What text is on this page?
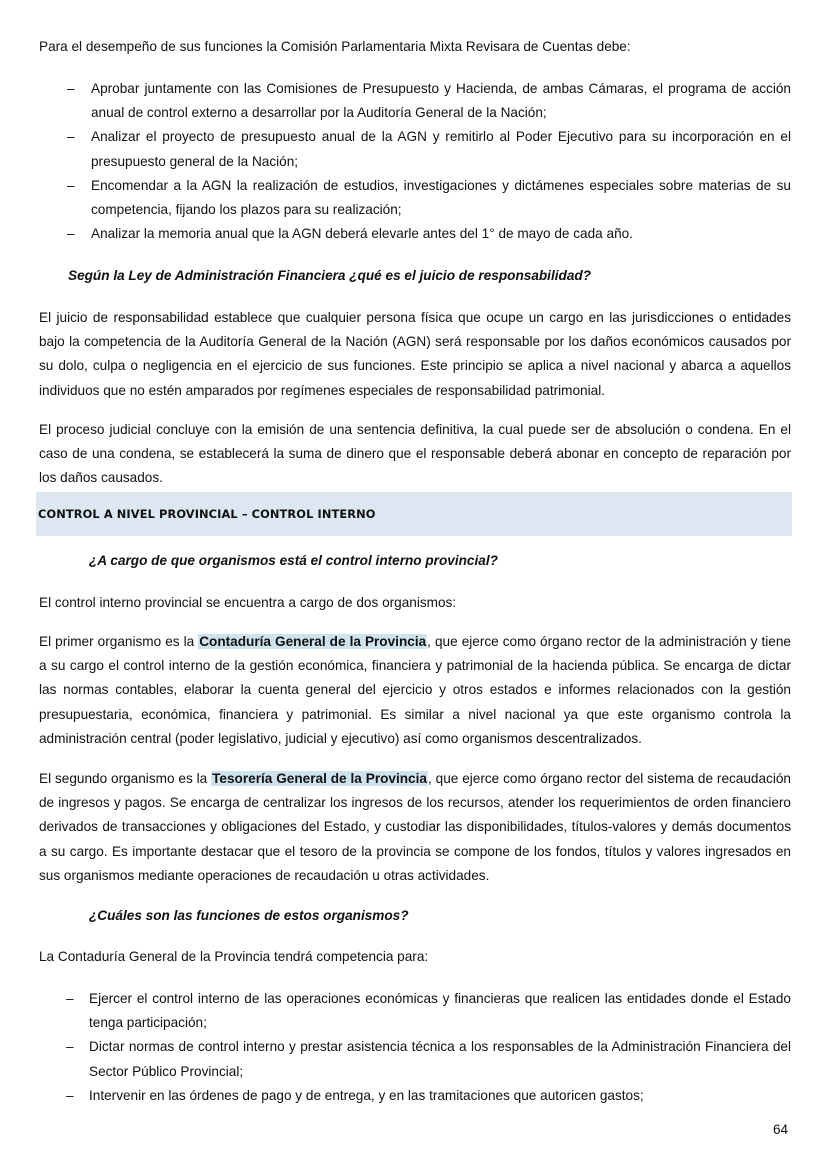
Para el desempeño de sus funciones la Comisión Parlamentaria Mixta Revisara de Cuentas debe:

– Aprobar juntamente con las Comisiones de Presupuesto y Hacienda, de ambas Cámaras, el programa de acción anual de control externo a desarrollar por la Auditoría General de la Nación;
– Analizar el proyecto de presupuesto anual de la AGN y remitirlo al Poder Ejecutivo para su incorporación en el presupuesto general de la Nación;
– Encomendar a la AGN la realización de estudios, investigaciones y dictámenes especiales sobre materias de su competencia, fijando los plazos para su realización;
– Analizar la memoria anual que la AGN deberá elevarle antes del 1° de mayo de cada año.

Según la Ley de Administración Financiera ¿qué es el juicio de responsabilidad?

El juicio de responsabilidad establece que cualquier persona física que ocupe un cargo en las jurisdicciones o entidades bajo la competencia de la Auditoría General de la Nación (AGN) será responsable por los daños económicos causados por su dolo, culpa o negligencia en el ejercicio de sus funciones. Este principio se aplica a nivel nacional y abarca a aquellos individuos que no estén amparados por regímenes especiales de responsabilidad patrimonial.

El proceso judicial concluye con la emisión de una sentencia definitiva, la cual puede ser de absolución o condena. En el caso de una condena, se establecerá la suma de dinero que el responsable deberá abonar en concepto de reparación por los daños causados.

CONTROL A NIVEL PROVINCIAL – CONTROL INTERNO

¿A cargo de que organismos está el control interno provincial?

El control interno provincial se encuentra a cargo de dos organismos:

El primer organismo es la Contaduría General de la Provincia, que ejerce como órgano rector de la administración y tiene a su cargo el control interno de la gestión económica, financiera y patrimonial de la hacienda pública. Se encarga de dictar las normas contables, elaborar la cuenta general del ejercicio y otros estados e informes relacionados con la gestión presupuestaria, económica, financiera y patrimonial. Es similar a nivel nacional ya que este organismo controla la administración central (poder legislativo, judicial y ejecutivo) así como organismos descentralizados.

El segundo organismo es la Tesorería General de la Provincia, que ejerce como órgano rector del sistema de recaudación de ingresos y pagos. Se encarga de centralizar los ingresos de los recursos, atender los requerimientos de orden financiero derivados de transacciones y obligaciones del Estado, y custodiar las disponibilidades, títulos-valores y demás documentos a su cargo. Es importante destacar que el tesoro de la provincia se compone de los fondos, títulos y valores ingresados en sus organismos mediante operaciones de recaudación u otras actividades.

¿Cuáles son las funciones de estos organismos?

La Contaduría General de la Provincia tendrá competencia para:

– Ejercer el control interno de las operaciones económicas y financieras que realicen las entidades donde el Estado tenga participación;
– Dictar normas de control interno y prestar asistencia técnica a los responsables de la Administración Financiera del Sector Público Provincial;
– Intervenir en las órdenes de pago y de entrega, y en las tramitaciones que autoricen gastos;

64
